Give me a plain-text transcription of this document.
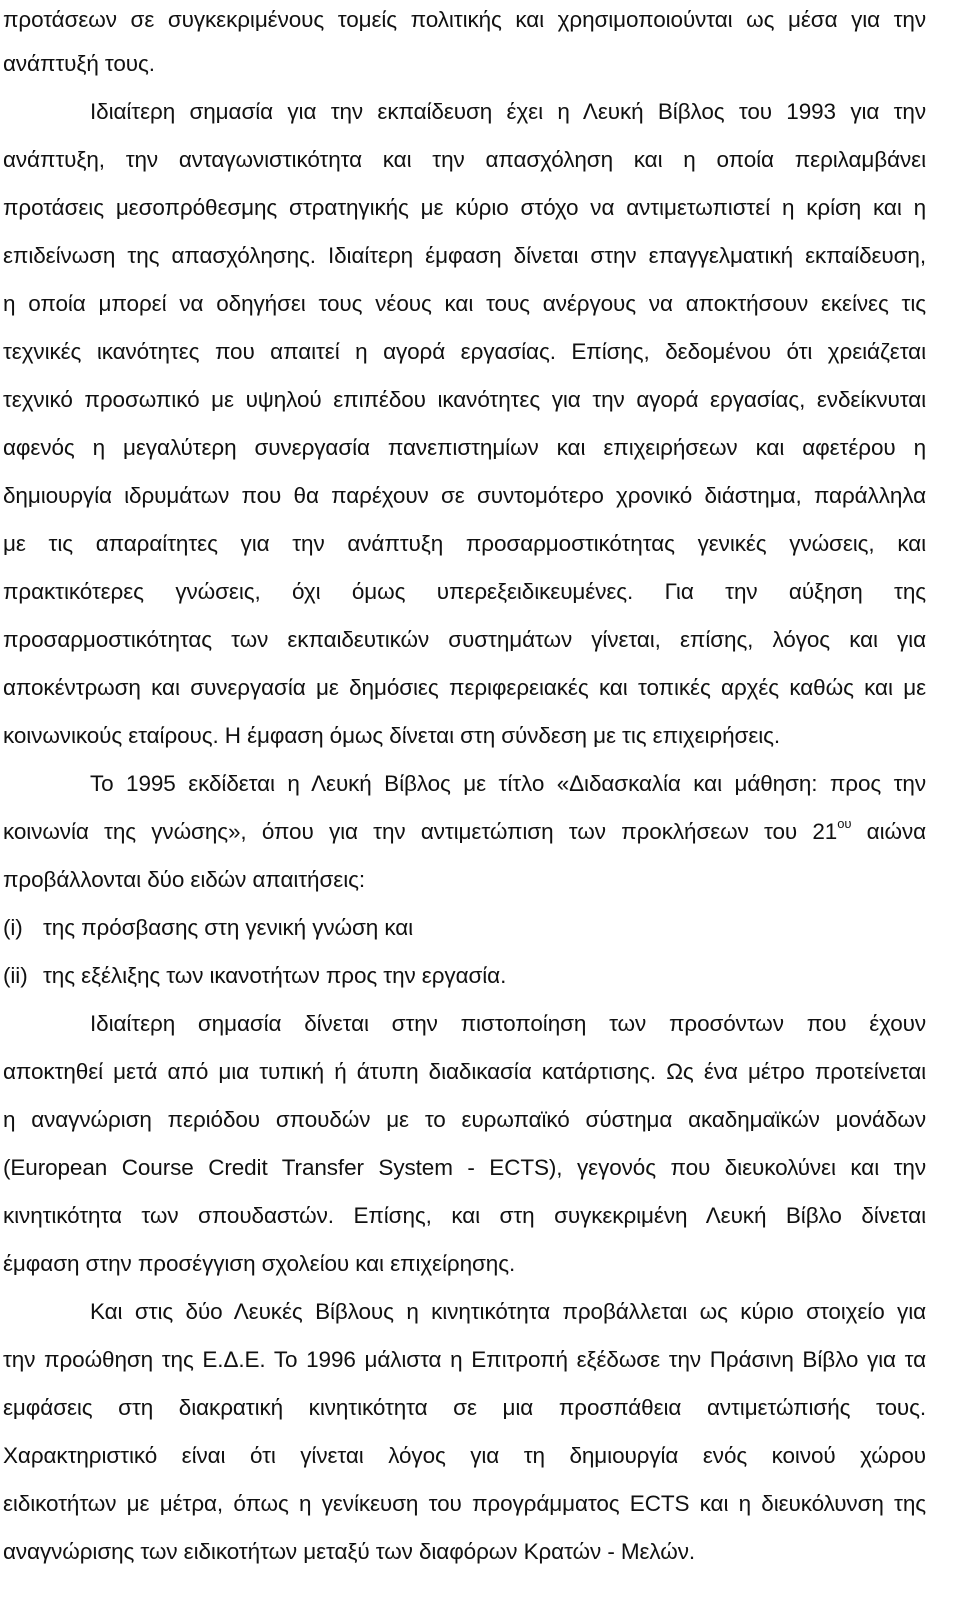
προτάσεων σε συγκεκριμένους τομείς πολιτικής και χρησιμοποιούνται ως μέσα για την
ανάπτυξή τους.
Ιδιαίτερη σημασία για την εκπαίδευση έχει η Λευκή Βίβλος του 1993 για την
ανάπτυξη, την ανταγωνιστικότητα και την απασχόληση και η οποία περιλαμβάνει
προτάσεις μεσοπρόθεσμης στρατηγικής με κύριο στόχο να αντιμετωπιστεί η κρίση και η
επιδείνωση της απασχόλησης. Ιδιαίτερη έμφαση δίνεται στην επαγγελματική εκπαίδευση,
η οποία μπορεί να οδηγήσει τους νέους και τους ανέργους να αποκτήσουν εκείνες τις
τεχνικές ικανότητες που απαιτεί η αγορά εργασίας. Επίσης, δεδομένου ότι χρειάζεται
τεχνικό προσωπικό με υψηλού επιπέδου ικανότητες για την αγορά εργασίας, ενδείκνυται
αφενός η μεγαλύτερη συνεργασία πανεπιστημίων και επιχειρήσεων και αφετέρου η
δημιουργία ιδρυμάτων που θα παρέχουν σε συντομότερο χρονικό διάστημα, παράλληλα
με τις απαραίτητες για την ανάπτυξη προσαρμοστικότητας γενικές γνώσεις, και
πρακτικότερες γνώσεις, όχι όμως υπερεξειδικευμένες. Για την αύξηση της
προσαρμοστικότητας των εκπαιδευτικών συστημάτων γίνεται, επίσης, λόγος και για
αποκέντρωση και συνεργασία με δημόσιες περιφερειακές και τοπικές αρχές καθώς και με
κοινωνικούς εταίρους. Η έμφαση όμως δίνεται στη σύνδεση με τις επιχειρήσεις.
Το 1995 εκδίδεται η Λευκή Βίβλος με τίτλο «Διδασκαλία και μάθηση: προς την
κοινωνία της γνώσης», όπου για την αντιμετώπιση των προκλήσεων του $21^{o\upsilon}$ αιώνα
προβάλλονται δύο ειδών απαιτήσεις:
(i) της πρόσβασης στη γενική γνώση και
(ii) της εξέλιξης των ικανοτήτων προς την εργασία.
Ιδιαίτερη σημασία δίνεται στην πιστοποίηση των προσόντων που έχουν
αποκτηθεί μετά από μια τυπική ή άτυπη διαδικασία κατάρτισης. Ως ένα μέτρο προτείνεται
η αναγνώριση περιόδου σπουδών με το ευρωπαϊκό σύστημα ακαδημαϊκών μονάδων
(European Course Credit Transfer System - ECTS), γεγονός που διευκολύνει και την
κινητικότητα των σπουδαστών. Επίσης, και στη συγκεκριμένη Λευκή Βίβλο δίνεται
έμφαση στην προσέγγιση σχολείου και επιχείρησης.
Και στις δύο Λευκές Βίβλους η κινητικότητα προβάλλεται ως κύριο στοιχείο για
την προώθηση της Ε.Δ.Ε. Το 1996 μάλιστα η Επιτροπή εξέδωσε την Πράσινη Βίβλο για τα
εμφάσεις στη διακρατική κινητικότητα σε μια προσπάθεια αντιμετώπισής τους.
Χαρακτηριστικό είναι ότι γίνεται λόγος για τη δημιουργία ενός κοινού χώρου
ειδικοτήτων με μέτρα, όπως η γενίκευση του προγράμματος ECTS και η διευκόλυνση της
αναγνώρισης των ειδικοτήτων μεταξύ των διαφόρων Κρατών - Μελών.
